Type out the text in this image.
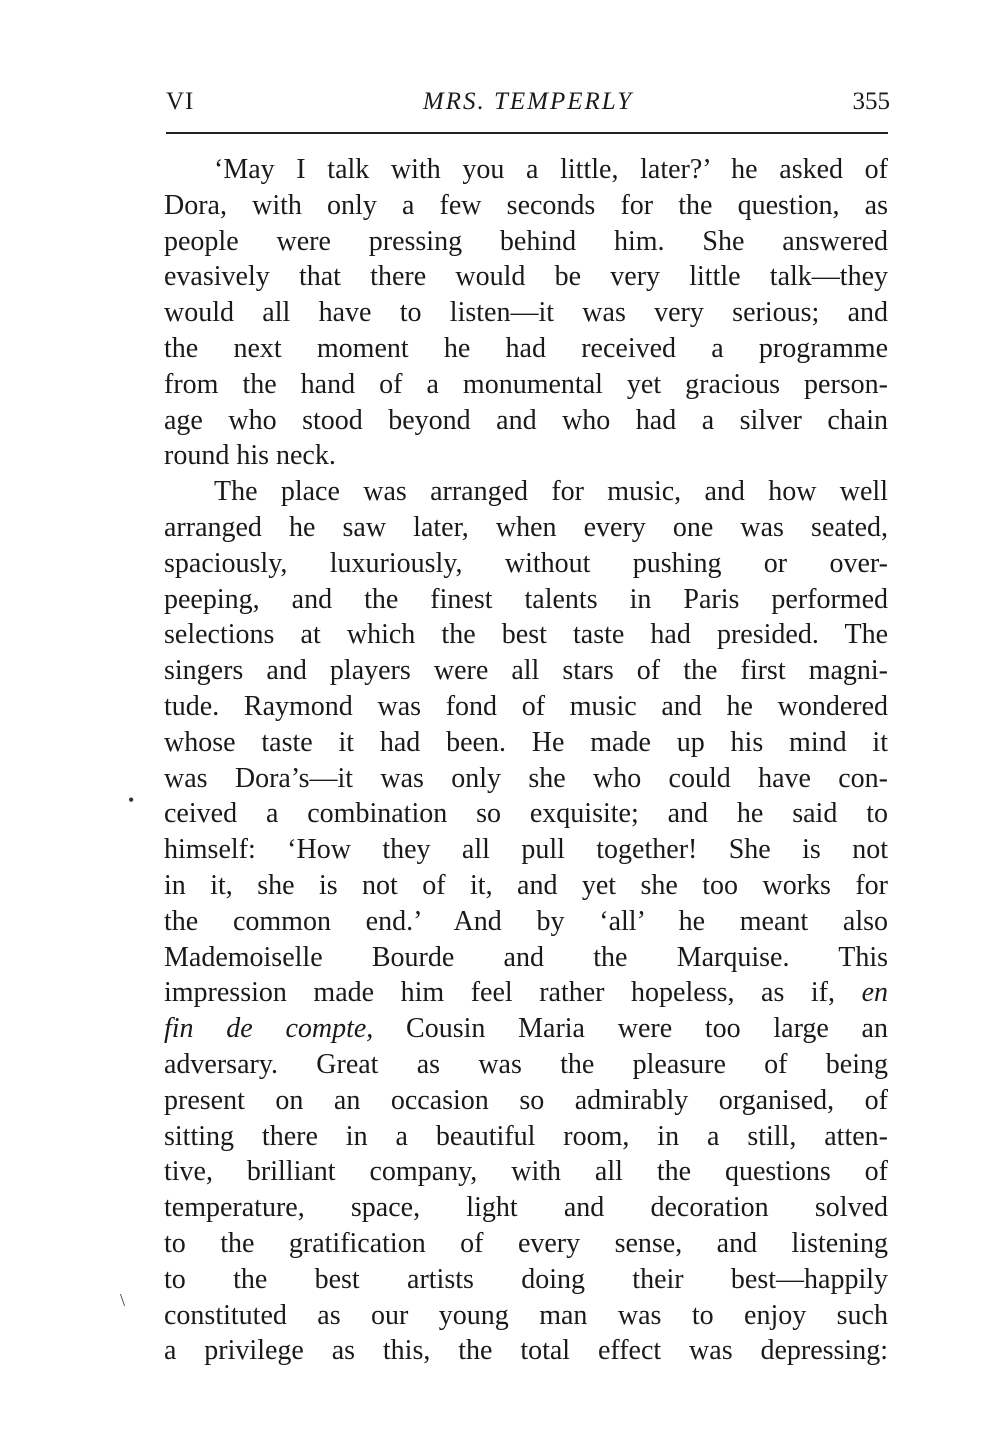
VI	MRS. TEMPERLY	355

‘May I talk with you a little, later?’ he asked of
Dora, with only a few seconds for the question, as

people were pressing behind him. She answered
evasively that there would be very little talk—they
would all have to listen—it was very serious; and
the next moment he had received a programme
from the hand of a monumental yet gracious person-
age who stood beyond and who had a silver chain
round his neck.
The place was arranged for music, and how well
arranged he saw later, when every one was seated,
spaciously, luxuriously, without pushing or over-
peeping, and the finest talents in Paris performed
selections at which the best taste had presided. The
singers and players were all stars of the first magni-
tude. Raymond was fond of music and he wondered
whose taste it had been. He made up his mind it
was Dora’s—it was only she who could have con-
ceived a combination so exquisite; and he said to
himself: ‘How they all pull together! She is not
in it, she is not of it, and yet she too works for
the common end.’ And by ‘all’ he meant also
Mademoiselle Bourde and the Marquise. This
impression made him feel rather hopeless, as if, en
fin de compte, Cousin Maria were too large an
adversary. Great as was the pleasure of being
present on an occasion so admirably organised, of
sitting there in a beautiful room, in a still, atten-
tive, brilliant company, with all the questions of
temperature, space, light and decoration solved
to the gratification of every sense, and listening
to the best artists doing their best—happily
constituted as our young man was to enjoy such
a privilege as this, the total effect was depressing:
•
\
